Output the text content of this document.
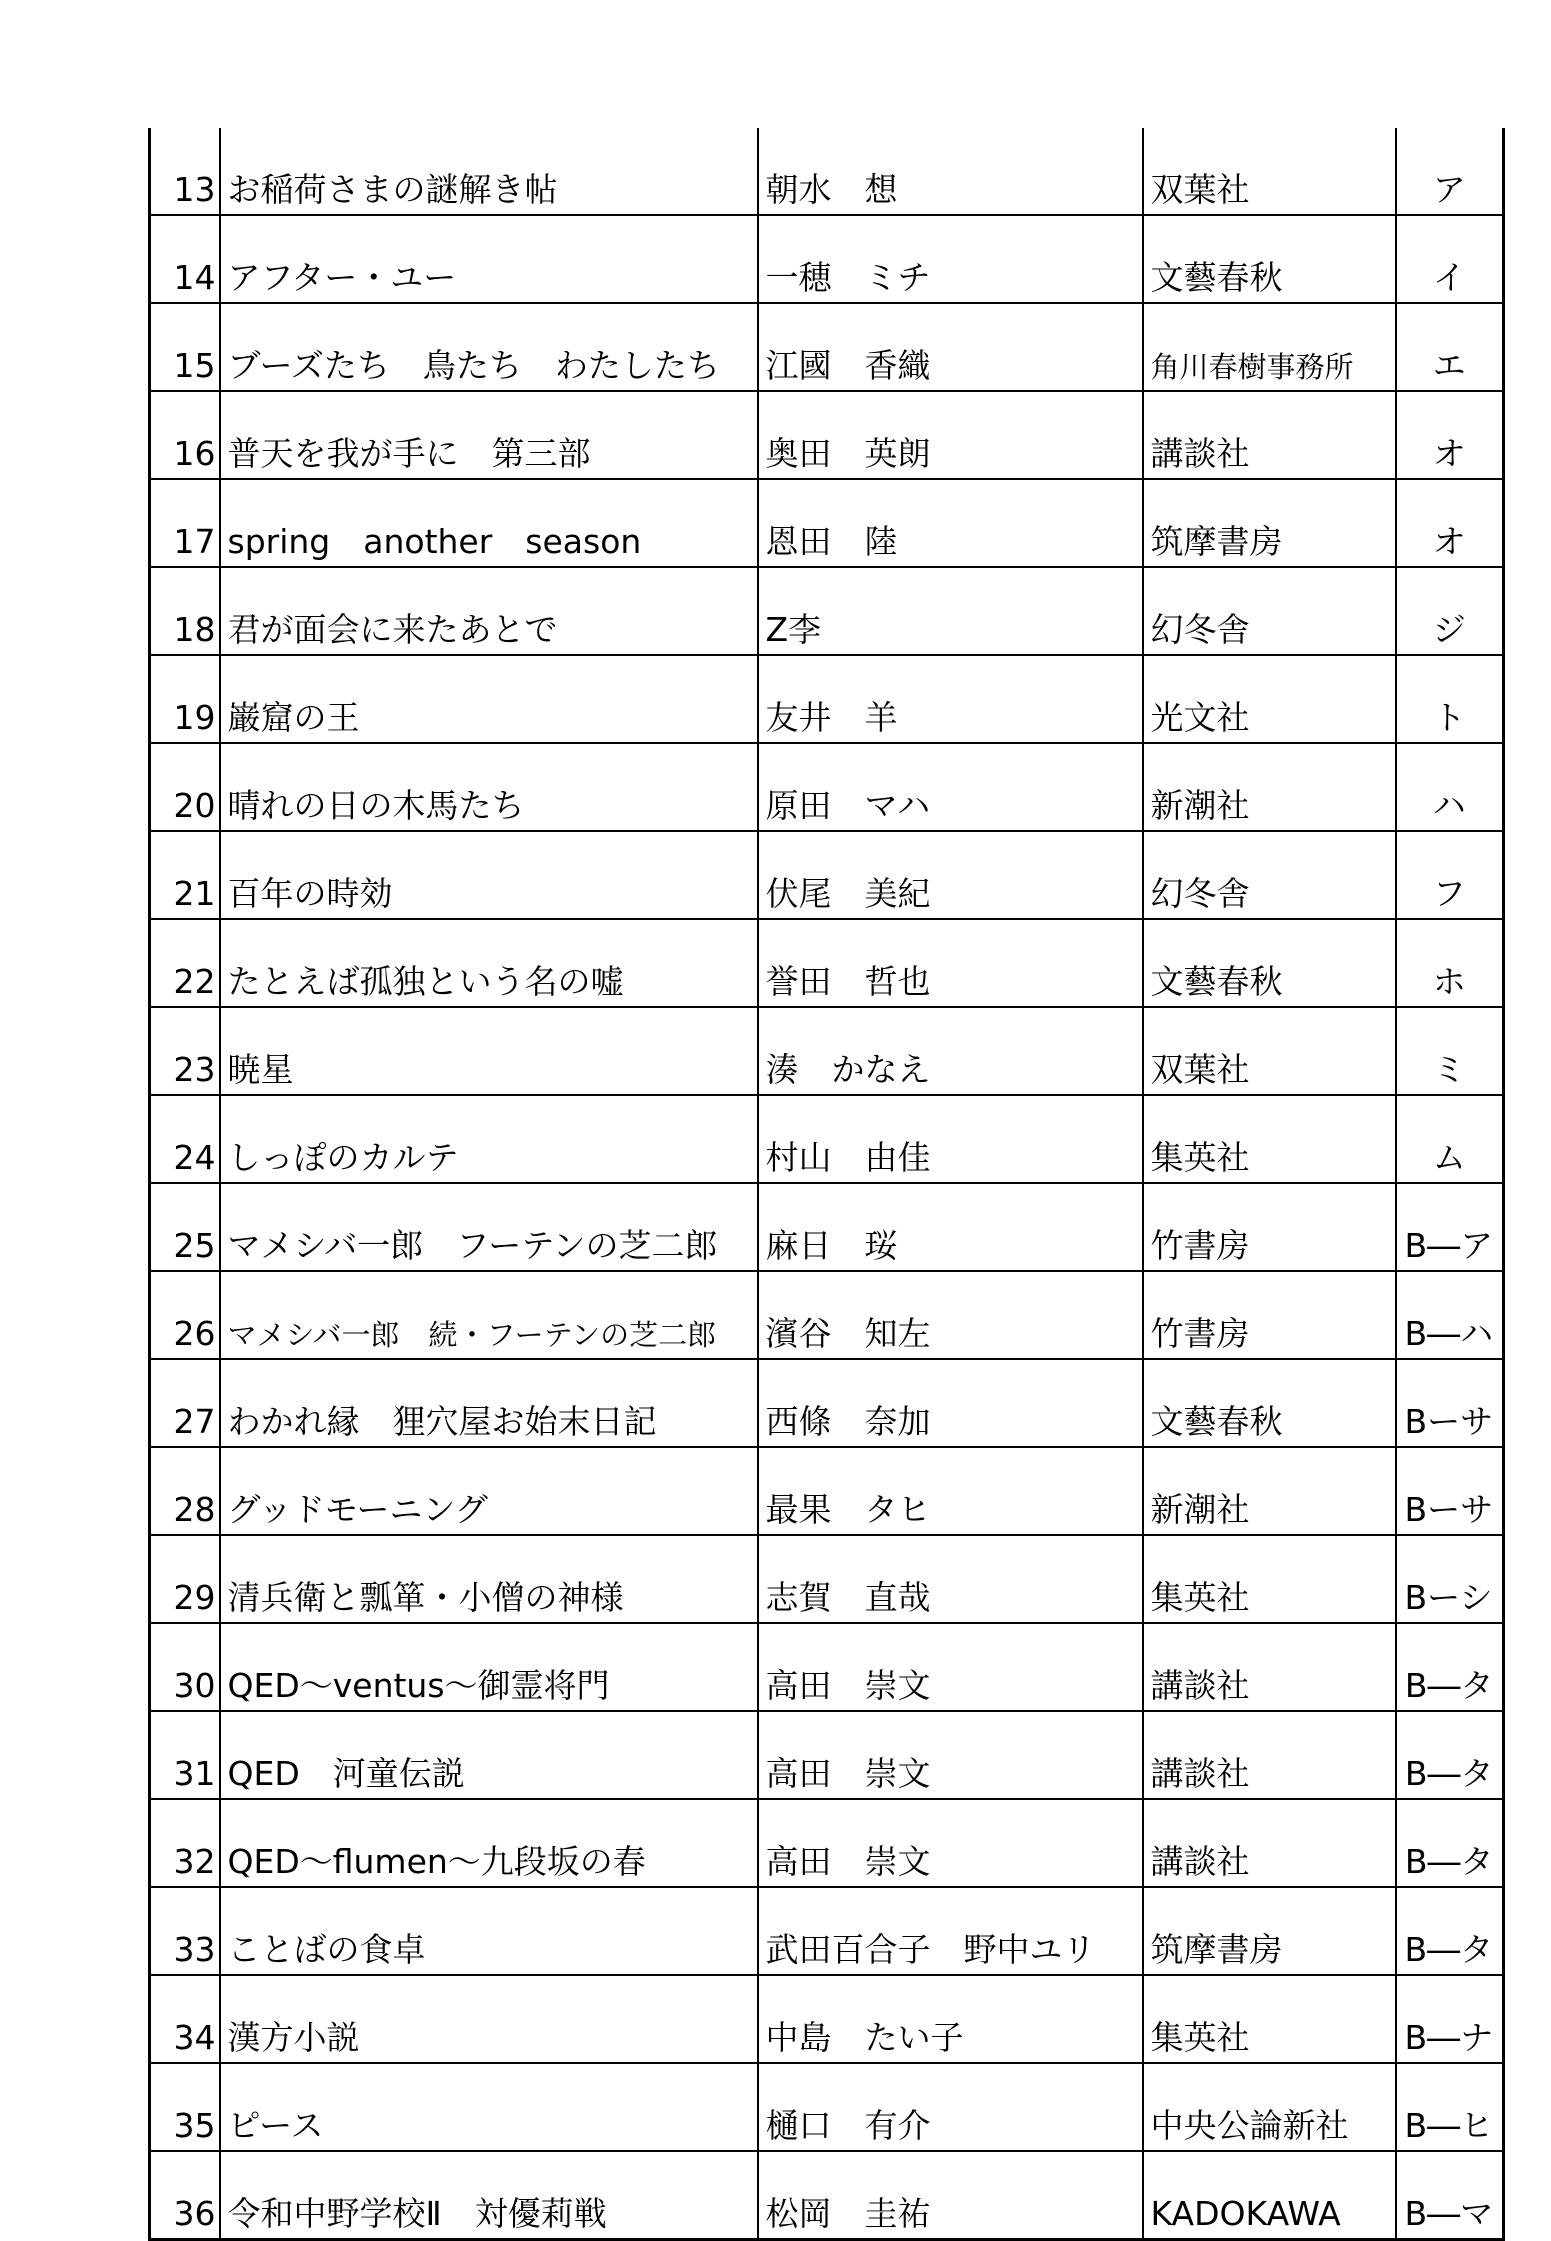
13	お稲荷さまの謎解き帖	朝水　想	双葉社	ア
14	アフター・ユー	一穂　ミチ	文藝春秋	イ
15	ブーズたち　鳥たち　わたしたち	江國　香織	角川春樹事務所	エ
16	普天を我が手に　第三部	奥田　英朗	講談社	オ
17	spring　another　season	恩田　陸	筑摩書房	オ
18	君が面会に来たあとで	Z李	幻冬舎	ジ
19	巌窟の王	友井　羊	光文社	ト
20	晴れの日の木馬たち	原田　マハ	新潮社	ハ
21	百年の時効	伏尾　美紀	幻冬舎	フ
22	たとえば孤独という名の嘘	誉田　哲也	文藝春秋	ホ
23	暁星	湊　かなえ	双葉社	ミ
24	しっぽのカルテ	村山　由佳	集英社	ム
25	マメシバ一郎　フーテンの芝二郎	麻日　珱	竹書房	B―ア
26	マメシバ一郎　続・フーテンの芝二郎	濱谷　知左	竹書房	B―ハ
27	わかれ縁　狸穴屋お始末日記	西條　奈加	文藝春秋	Bーサ
28	グッドモーニング	最果　タヒ	新潮社	Bーサ
29	清兵衛と瓢箪・小僧の神様	志賀　直哉	集英社	Bーシ
30	QED～ventus～御霊将門	高田　崇文	講談社	B―タ
31	QED　河童伝説	高田　崇文	講談社	B―タ
32	QED～flumen～九段坂の春	高田　崇文	講談社	B―タ
33	ことばの食卓	武田百合子　野中ユリ	筑摩書房	B―タ
34	漢方小説	中島　たい子	集英社	B―ナ
35	ピース	樋口　有介	中央公論新社	B―ヒ
36	令和中野学校Ⅱ　対優莉戦	松岡　圭祐	KADOKAWA	B―マ
